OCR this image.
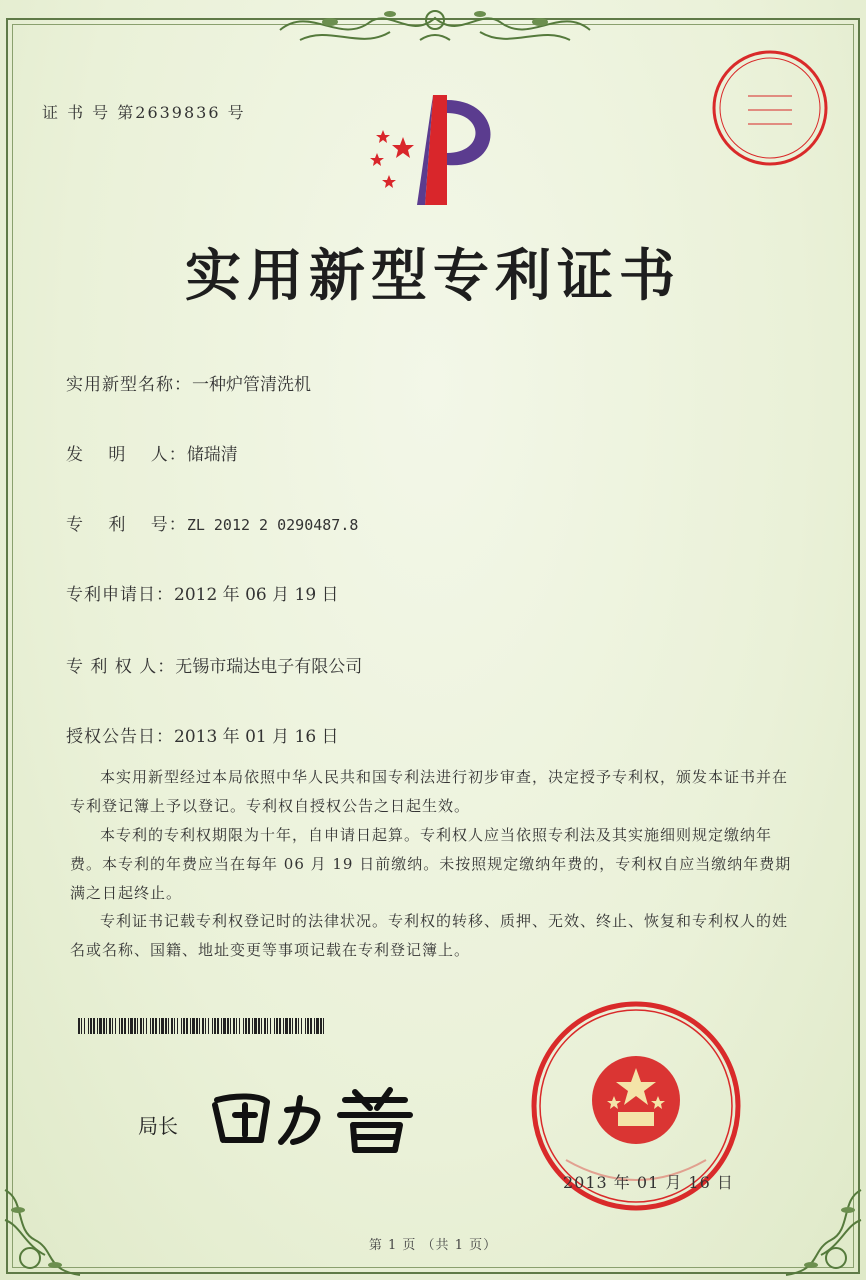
证 书 号 第2639836 号
实用新型专利证书
实用新型名称：一种炉管清洗机
发　 明　 人：储瑞清
专　 利　 号：ZL 2012 2 0290487.8
专利申请日：2012 年 06 月 19 日
专 利 权 人：无锡市瑞达电子有限公司
授权公告日：2013 年 01 月 16 日
本实用新型经过本局依照中华人民共和国专利法进行初步审查，决定授予专利权，颁发本证书并在专利登记簿上予以登记。专利权自授权公告之日起生效。
本专利的专利权期限为十年，自申请日起算。专利权人应当依照专利法及其实施细则规定缴纳年费。本专利的年费应当在每年 06 月 19 日前缴纳。未按照规定缴纳年费的，专利权自应当缴纳年费期满之日起终止。
专利证书记载专利权登记时的法律状况。专利权的转移、质押、无效、终止、恢复和专利权人的姓名或名称、国籍、地址变更等事项记载在专利登记簿上。
局长
2013 年 01 月 16 日
第 1 页 （共 1 页）
